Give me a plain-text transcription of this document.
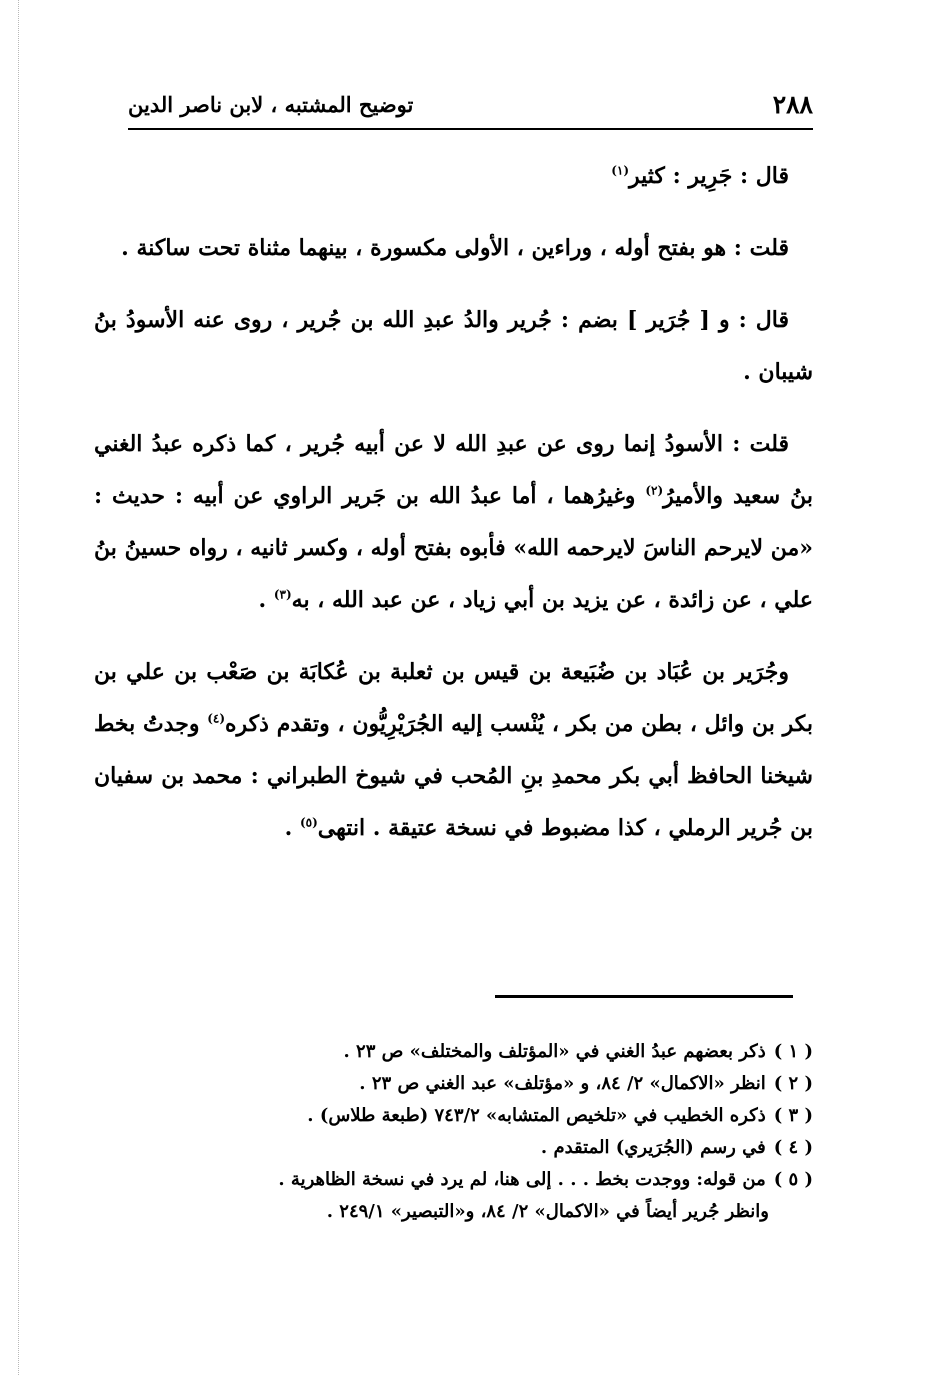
٢٨٨
توضيح المشتبه ، لابن ناصر الدين

قال : جَرِير : كثير$^{(١)}$

قلت : هو بفتح أوله ، وراءين ، الأولى مكسورة ، بينهما مثناة تحت ساكنة .

قال : و [ جُرَير ] بضم : جُرير والدُ عبدِ الله بن جُرير ، روى عنه الأسودُ بنُ شيبان .

قلت : الأسودُ إنما روى عن عبدِ الله لا عن أبيه جُرير ، كما ذكره عبدُ الغني بنُ سعيد والأميرُ$^{(٢)}$ وغيرُهما ، أما عبدُ الله بن جَرير الراوي عن أبيه : حديث : «من لايرحم الناسَ لايرحمه الله» فأبوه بفتح أوله ، وكسر ثانيه ، رواه حسينُ بنُ علي ، عن زائدة ، عن يزيد بن أبي زياد ، عن عبد الله ، به$^{(٣)}$ .

وجُرَير بن عُبَاد بن ضُبَيعة بن قيس بن ثعلبة بن عُكابَة بن صَعْب بن علي بن بكر بن وائل ، بطن من بكر ، يُنْسب إليه الجُرَيْرِيُّون ، وتقدم ذكره$^{(٤)}$ وجدتُ بخط شيخنا الحافظ أبي بكر محمدِ بنِ المُحب في شيوخ الطبراني : محمد بن سفيان بن جُرير الرملي ، كذا مضبوط في نسخة عتيقة . انتهى$^{(٥)}$ .

( ١ )ذكر بعضهم عبدُ الغني في «المؤتلف والمختلف» ص ٢٣ .

( ٢ )انظر «الاكمال» ٢/ ٨٤، و «مؤتلف» عبد الغني ص ٢٣ .

( ٣ )ذكره الخطيب في «تلخيص المتشابه» ٧٤٣/٢ (طبعة طلاس) .

( ٤ )في رسم (الجُرَيري) المتقدم .

( ٥ )من قوله: ووجدت بخط . . . إلى هنا، لم يرد في نسخة الظاهرية .

وانظر جُرير أيضاً في «الاكمال» ٢/ ٨٤، و«التبصير» ٢٤٩/١ .
